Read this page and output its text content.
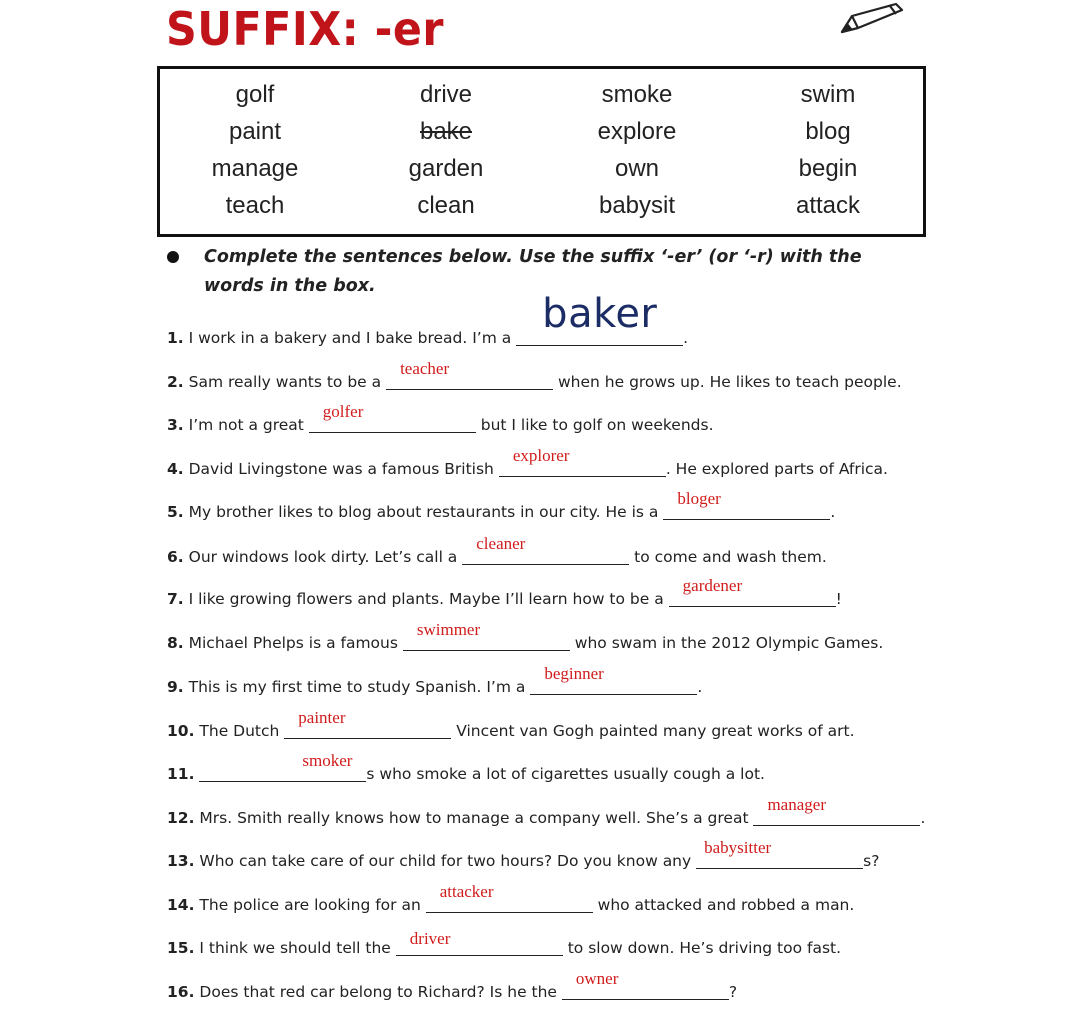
SUFFIX: -er
golf	drive	smoke	swim
paint	bake	explore	blog
manage	garden	own	begin
teach	clean	babysit	attack
Complete the sentences below. Use the suffix ‘-er’ (or ‘-r) with the words in the box.
1. I work in a bakery and I bake bread. I’m a
baker
.
2. Sam really wants to be a
teacher
when he grows up. He likes to teach people.
3. I’m not a great
golfer
but I like to golf on weekends.
4. David Livingstone was a famous British
explorer
. He explored parts of Africa.
5. My brother likes to blog about restaurants in our city. He is a
bloger
.
6. Our windows look dirty. Let’s call a
cleaner
to come and wash them.
7. I like growing flowers and plants. Maybe I’ll learn how to be a
gardener
!
8. Michael Phelps is a famous
swimmer
who swam in the 2012 Olympic Games.
9. This is my first time to study Spanish. I’m a
beginner
.
10. The Dutch
painter
Vincent van Gogh painted many great works of art.
11.
smoker
s who smoke a lot of cigarettes usually cough a lot.
12. Mrs. Smith really knows how to manage a company well. She’s a great
manager
.
13. Who can take care of our child for two hours? Do you know any
babysitter
s?
14. The police are looking for an
attacker
who attacked and robbed a man.
15. I think we should tell the driver	to slow down. He’s driving too fast.
16. Does that red car belong to Richard? Is he the
owner
?
